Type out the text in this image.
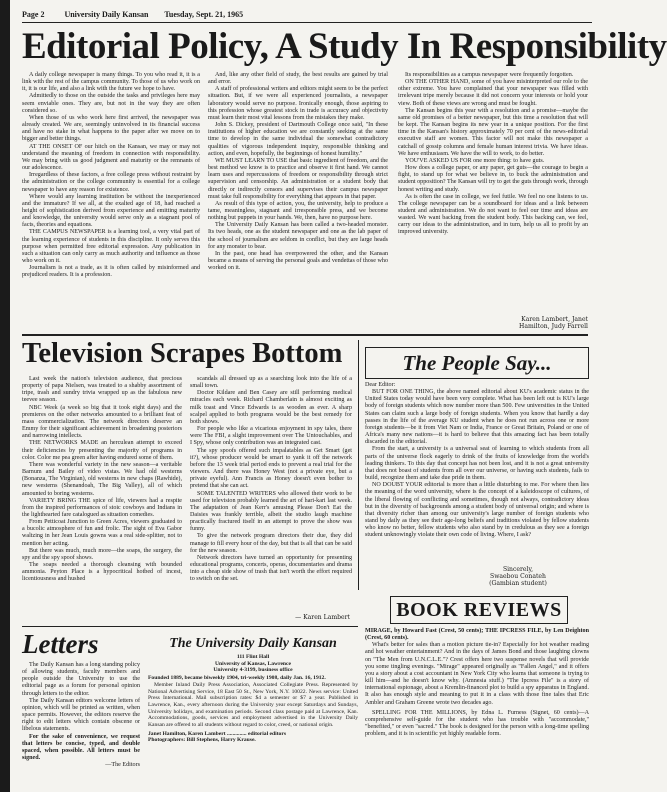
Page 2	University Daily Kansan Tuesday, Sept. 21, 1965
Editorial Policy, A Study In Responsibility

A daily college newspaper is many things. To you who read it, it is a link with the rest of the campus community. To those of us who work on it, it is our life, and also a link with the future we hope to have.

Admittedly to those on the outside the tasks and privileges here may seem enviable ones. They are, but not in the way they are often considered so.

When those of us who work here first arrived, the newspaper was already created. We are, seemingly uninvolved in its financial success and have no stake in what happens to the paper after we move on to bigger and better things.

AT THE ONSET OF our hitch on the Kansan, we may or may not understand the meaning of freedom in connection with responsibility. We may bring with us good judgment and maturity or the remnants of our adolescence.

Irregardless of these factors, a free college press without restraint by the administration or the college community is essential for a college newspaper to have any reason for existence.

Where would any learning institution be without the inexperienced and the immature? If we all, at the exalted age of 18, had reached a height of sophistication derived from experience and emitting maturity and knowledge, the university would serve only as a stagnant pool of facts, theories and equations.

THE CAMPUS NEWSPAPER is a learning tool, a very vital part of the learning experience of students in this discipline. It only serves this purpose when permitted free editorial expression. Any publication in such a situation can only carry as much authority and influence as those who work on it.

Journalism is not a trade, as it is often called by misinformed and prejudiced readers. It is a profession.

And, like any other field of study, the best results are gained by trial and error.

A staff of professional writers and editors might seem to be the perfect situation. But, if we were all experienced journalists, a newspaper laboratory would serve no purpose. Ironically enough, those aspiring to this profession whose greatest stock in trade is accuracy and objectivity must learn their most vital lessons from the mistakes they make.

John S. Dickey, president of Dartmouth College once said, "In these institutions of higher education we are constantly seeking at the same time to develop in the same individual the somewhat contradictory qualities of vigorous independent inquiry, responsible thinking and action, and even, hopefully, the beginnings of honest humility."

WE MUST LEARN TO USE that basic ingredient of freedom, and the best method we know is to practice and observe it first hand. We cannot learn uses and repercussions of freedom or responsibility through strict supervision and censorship. An administration or a student body that directly or indirectly censors and supervises their campus newspaper must take full responsibility for everything that appears in that paper.

As result of this type of action, you, the university, help to produce a tame, meaningless, stagnant and irresponsible press, and we become nothing but puppets in your hands. We, then, have no purpose here.

The University Daily Kansan has been called a two-headed monster. Its two heads, one as the student newspaper and one as the lab paper of the school of journalism are seldom in conflict, but they are large heads for any monster to bear.

In the past, one head has overpowered the other, and the Kansan became a means of serving the personal goals and vendettas of those who worked on it.

Its responsibilities as a campus newspaper were frequently forgotten.

ON THE OTHER HAND, some of you have misinterpreted our role to the other extreme. You have complained that your newspaper was filled with irrelevant tripe merely because it did not concern your interests or hold your view. Both of these views are wrong and must be fought.

The Kansan begins this year with a resolution and a promise—maybe the same old promises of a better newspaper, but this time a resolution that will be kept. The Kansan begins its new year in a unique position. For the first time in the Kansan's history approximately 70 per cent of the news-editorial executive staff are women. This factor will not make this newspaper a catchall of gossip columns and female human interest trivia. We have ideas. We have enthusiasm. We have the will to work, to do better.

YOU'VE ASKED US FOR one more thing: to have guts.

How does a college paper, or any paper, get guts—the courage to begin a fight, to stand up for what we believe in, to buck the administration and student opposition? The Kansan will try to get the guts through work, through honest writing and study.

As is often the case in college, we feel futile. We feel no one listens to us. The college newspaper can be a soundboard for ideas and a link between student and administration. We do not want to feel our time and ideas are wasted. We want backing from the student body. This backing can, we feel, carry our ideas to the administration, and in turn, help us all to profit by an improved university.

Karen Lambert, Janet
Hamilton, Judy Farrell
Television Scrapes Bottom

Last week the nation's television audience, that precious property of papa Nielsen, was treated to a shabby assortment of tripe, trash and sundry trivia wrapped up as the fabulous new teevee season.

NBC Week (a week so big that it took eight days) and the premieres on the other networks amounted to a brilliant feat of mass commercialization. The network directors deserve an Emmy for their significant achievement in broadening posteriors and narrowing intellects.

THE NETWORKS MADE an herculean attempt to exceed their deficiencies by presenting the majority of programs in color. Color me pea green after having endured some of them.

There was wonderful variety in the new season—a veritable Barnum and Bailey of video vistas. We had old westerns (Bonanza, The Virginian), old westerns in new chaps (Rawhide), new westerns (Shenandoah, The Big Valley), all of which amounted to boring westerns.

VARIETY BRING THE spice of life, viewers had a respite from the inspired performances of stoic cowboys and Indians in the lighthearted fare catalogued as situation comedies.

From Petticoat Junction to Green Acres, viewers graduated to a bucolic atmosphere of fun and frolic. The sight of Eva Gabor waltzing in her Jean Louis gowns was a real side-splitter, not to mention her acting.

But there was much, much more—the soaps, the surgery, the spy and the spy spoof shows.

The soaps needed a thorough cleansing with bounded ammonia. Peyton Place is a hypocritical hotbed of incest, licentiousness and hushed

scandals all dressed up as a searching look into the life of a small town.

Doctor Kildare and Ben Casey are still performing medical miracles each week. Richard Chamberlain is almost exciting as milk toast and Vince Edwards is as wooden as ever. A sharp scalpel applied to both programs would be the best remedy for both shows.

For people who like a vicarious enjoyment in spy tales, there were The FBI, a slight improvement over The Untouchables, and I Spy, whose only contribution was an integrated cast.

The spy spoofs offered such impalatables as Get Smart (get it?), whose producer would be smart to yank it off the network before the 13 week trial period ends to prevent a real trial for the viewers. And there was Honey West (not a private eye, but a private eyeful). Ann Francis as Honey doesn't even bother to pretend that she can act.

SOME TALENTED WRITERS who allowed their work to be used for television probably learned the art of hari-kari last week. The adaptation of Jean Kerr's amusing Please Don't Eat the Daisies was frankly terrible, albeit the studio laugh machine practically fractured itself in an attempt to prove the show was funny.

To give the network program directors their due, they did manage to fill every hour of the day, but that is all that can be said for the new season.

Network directors have turned an opportunity for presenting educational programs, concerts, operas, documentaries and drama into a cheap side show of trash that isn't worth the effort required to switch on the set.

— Karen Lambert
The People Say...
Dear Editor:

BUT FOR ONE THING, the above named editorial about KU's academic status in the United States today would have been very complete. What has been left out is KU's large body of foreign students which now number more than 500. Few universities in the United States can claim such a large body of foreign students. When you know that hardly a day passes in the life of the average KU student when he does not run across one or more foreign students—be it from Viet Nam or India, France or Great Britain, Poland or one of Africa's many new nations—it is hard to believe that this amazing fact has been totally discarded in the editorial.

From the start, a university is a universal seat of learning to which students from all parts of the universe flock eagerly to drink of the fruits of knowledge from the world's leading thinkers. To this day that concept has not been lost, and it is not a great university that does not boast of students from all over our universe, or having such students, fails to build, recognize them and take due pride in them.

NO DOUBT YOUR editorial is more than a little disturbing to me. For where then lies the meaning of the word university, where is the concept of a kaleidoscope of cultures, of the liberal flowing of conflicting and sometimes, though not always, contradictory ideas but in the diversity of backgrounds among a student body of universal origin; and where is that diversity richer than among our university's large number of foreign students who stand by daily as they see their age-long beliefs and traditions violated by fellow students who know no better, fellow students who also stand by in credulous as they see a foreign student unknowingly violate their own code of living. Where, I ask?

Sincerely,
Swaebou Conateh
(Gambian student)
BOOK REVIEWS

MIRAGE, by Howard Fast (Crest, 50 cents); THE IPCRESS FILE, by Len Deighton (Crest, 60 cents).

What's better for sales than a motion picture tie-in? Especially for hot weather reading and hot weather entertainment? And in the days of James Bond and those laughing clowns on "The Men from U.N.C.L.E."? Crest offers here two suspense novels that will provide you some tingling evenings. "Mirage" appeared originally as "Fallen Angel," and it offers you a story about a cost accountant in New York City who learns that someone is trying to kill him—and he doesn't know why. (Amnesia stuff.) "The Ipcress File" is a story of international espionage, about a Kremlin-financed plot to build a spy apparatus in England. It also has enough style and meaning to put it in a class with those fine tales that Eric Ambler and Graham Greene wrote two decades ago.

SPELLING FOR THE MILLIONS, by Edna L. Furness (Signet, 60 cents)—A comprehensive self-guide for the student who has trouble with "accommodate," "benefited," or even "sacred." The book is designed for the person with a long-time spelling problem, and it is in scientific yet highly readable form.

Letters

The Daily Kansan has a long standing policy of allowing students, faculty members and people outside the University to use the editorial page as a forum for personal opinion through letters to the editor.

The Daily Kansan editors welcome letters of opinion, which will be printed as written, when space permits. However, the editors reserve the right to edit letters which contain obscene or libelous statements.

For the sake of convenience, we request that letters be concise, typed, and double spaced, when possible. All letters must be signed.

—The Editors
The University Daily Kansan
111 Flint Hall
University of Kansas, Lawrence
University 4-3199, business office

Founded 1889, became biweekly 1904, tri-weekly 1908, daily Jan. 16, 1912.

Member Inland Daily Press Association, Associated Collegiate Press. Represented by National Advertising Service, 18 East 50 St., New York, N.Y. 10022. News service: United Press International. Mail subscription rates: $4 a semester or $7 a year. Published in Lawrence, Kan., every afternoon during the University year except Saturdays and Sundays, University holidays, and examination periods. Second class postage paid at Lawrence, Kan. Accommodations, goods, services and employment advertised in the University Daily Kansan are offered to all students without regard to color, creed, or national origin.

Janet Hamilton, Karen Lambert .............. editorial editors

Photographers: Bill Stephens, Harry Krause.
